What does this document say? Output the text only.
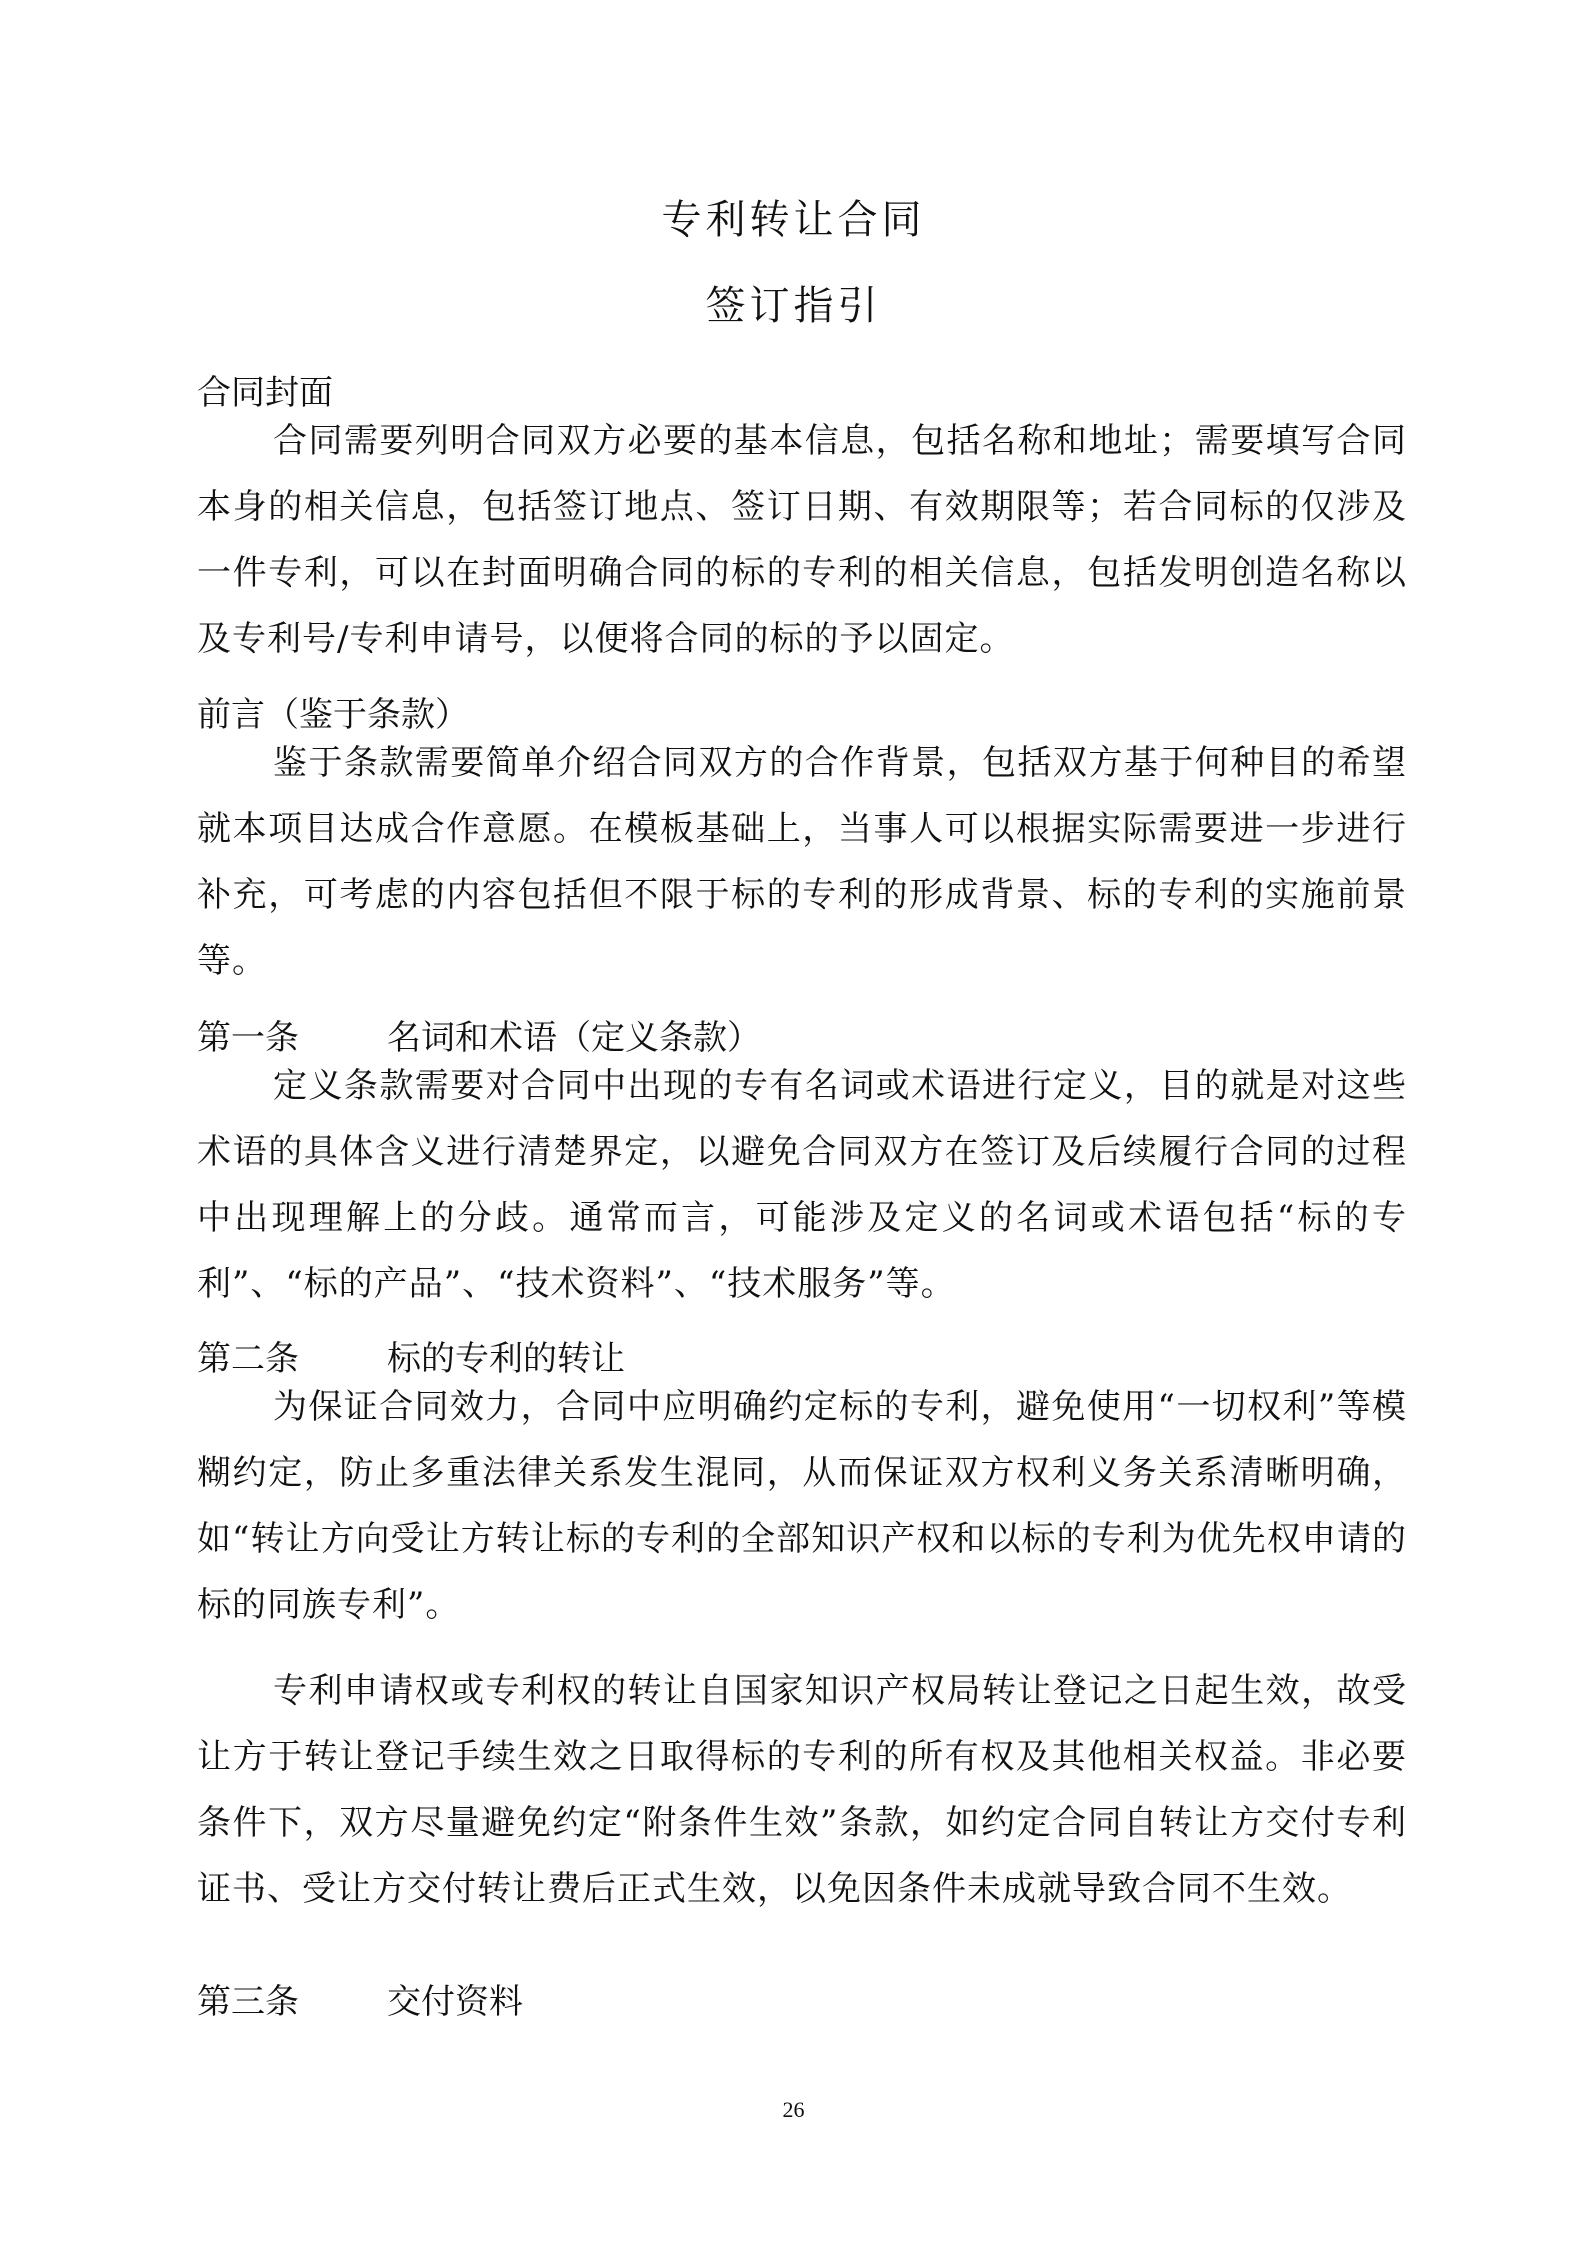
专利转让合同
签订指引
合同封面
合同需要列明合同双方必要的基本信息，包括名称和地址；需要填写合同本身的相关信息，包括签订地点、签订日期、有效期限等；若合同标的仅涉及一件专利，可以在封面明确合同的标的专利的相关信息，包括发明创造名称以及专利号/专利申请号，以便将合同的标的予以固定。
前言（鉴于条款）
鉴于条款需要简单介绍合同双方的合作背景，包括双方基于何种目的希望就本项目达成合作意愿。在模板基础上，当事人可以根据实际需要进一步进行补充，可考虑的内容包括但不限于标的专利的形成背景、标的专利的实施前景等。
第一条	名词和术语（定义条款）
定义条款需要对合同中出现的专有名词或术语进行定义，目的就是对这些术语的具体含义进行清楚界定，以避免合同双方在签订及后续履行合同的过程中出现理解上的分歧。通常而言，可能涉及定义的名词或术语包括“标的专利”、“标的产品”、“技术资料”、“技术服务”等。
第二条	标的专利的转让
为保证合同效力，合同中应明确约定标的专利，避免使用“一切权利”等模糊约定，防止多重法律关系发生混同，从而保证双方权利义务关系清晰明确，如“转让方向受让方转让标的专利的全部知识产权和以标的专利为优先权申请的标的同族专利”。
专利申请权或专利权的转让自国家知识产权局转让登记之日起生效，故受让方于转让登记手续生效之日取得标的专利的所有权及其他相关权益。非必要条件下，双方尽量避免约定“附条件生效”条款，如约定合同自转让方交付专利证书、受让方交付转让费后正式生效，以免因条件未成就导致合同不生效。
第三条	交付资料
26
